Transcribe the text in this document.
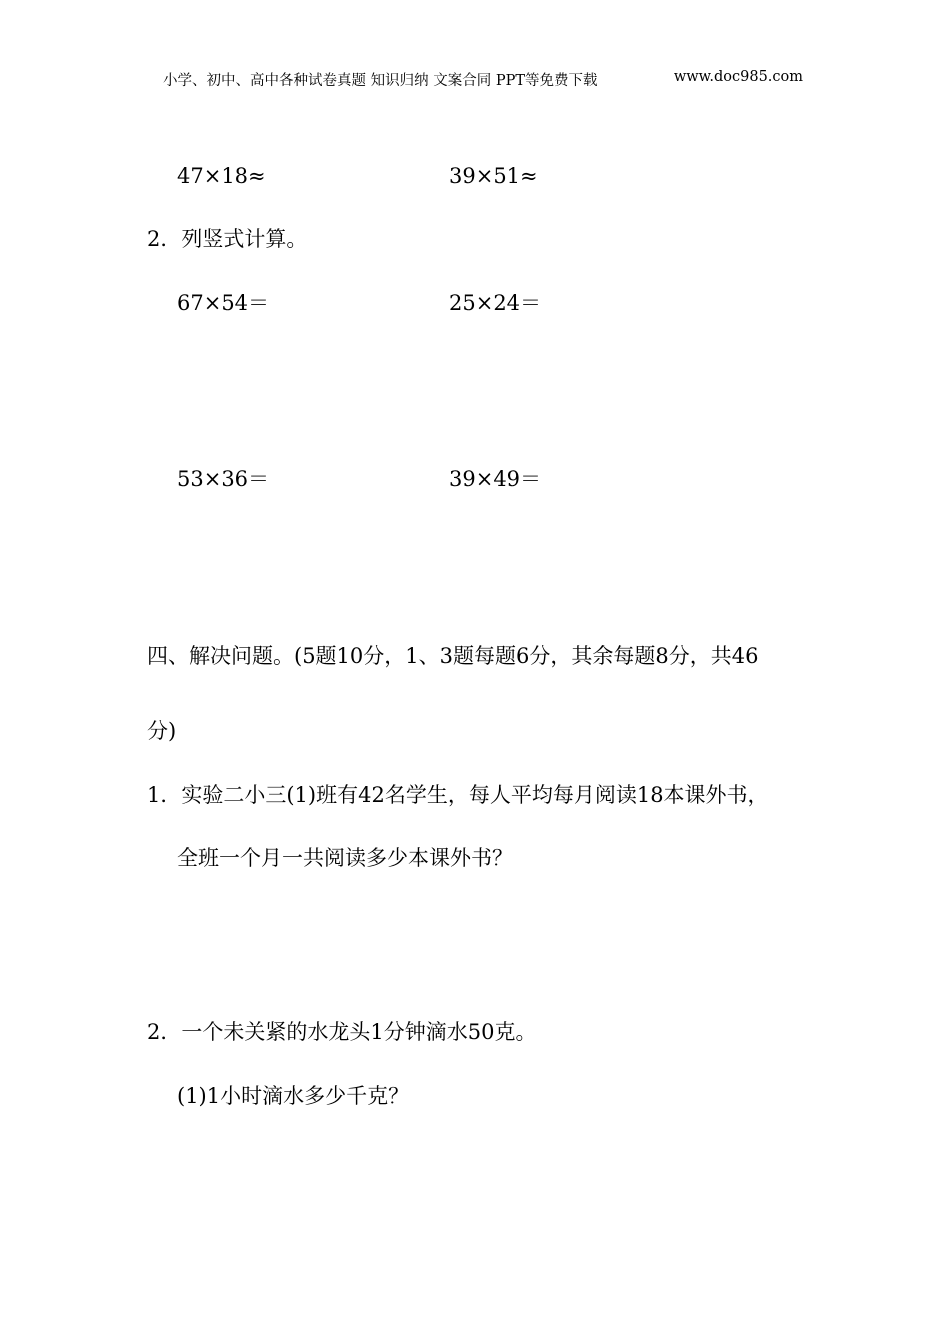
小学、初中、高中各种试卷真题 知识归纳 文案合同 PPT等免费下载	www.doc985.com
47×18≈	39×51≈
2．列竖式计算。
67×54＝	25×24＝
53×36＝	39×49＝
四、解决问题。(5题10分，1、3题每题6分，其余每题8分，共46
分)
1．实验二小三(1)班有42名学生，每人平均每月阅读18本课外书，
全班一个月一共阅读多少本课外书？
2．一个未关紧的水龙头1分钟滴水50克。
(1)1小时滴水多少千克？
